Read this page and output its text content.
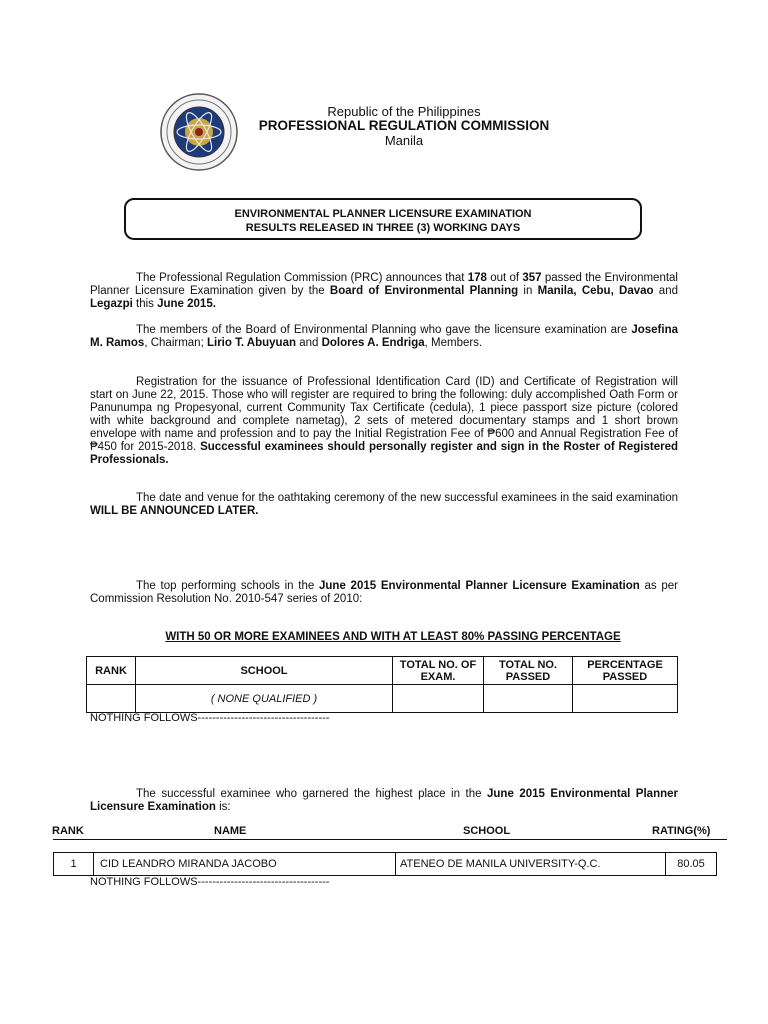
Republic of the Philippines
PROFESSIONAL REGULATION COMMISSION
Manila
ENVIRONMENTAL PLANNER LICENSURE EXAMINATION
RESULTS RELEASED IN THREE (3) WORKING DAYS
The Professional Regulation Commission (PRC) announces that 178 out of 357 passed the Environmental Planner Licensure Examination given by the Board of Environmental Planning in Manila, Cebu, Davao and Legazpi this June 2015.
The members of the Board of Environmental Planning who gave the licensure examination are Josefina M. Ramos, Chairman; Lirio T. Abuyuan and Dolores A. Endriga, Members.
Registration for the issuance of Professional Identification Card (ID) and Certificate of Registration will start on June 22, 2015. Those who will register are required to bring the following: duly accomplished Oath Form or Panunumpa ng Propesyonal, current Community Tax Certificate (cedula), 1 piece passport size picture (colored with white background and complete nametag), 2 sets of metered documentary stamps and 1 short brown envelope with name and profession and to pay the Initial Registration Fee of ₱600 and Annual Registration Fee of ₱450 for 2015-2018. Successful examinees should personally register and sign in the Roster of Registered Professionals.
The date and venue for the oathtaking ceremony of the new successful examinees in the said examination WILL BE ANNOUNCED LATER.
The top performing schools in the June 2015 Environmental Planner Licensure Examination as per Commission Resolution No. 2010-547 series of 2010:
WITH 50 OR MORE EXAMINEES AND WITH AT LEAST 80% PASSING PERCENTAGE
RANK	SCHOOL	TOTAL NO. OF EXAM.	TOTAL NO. PASSED	PERCENTAGE PASSED
	( NONE QUALIFIED )			
NOTHING FOLLOWS------------------------------------
The successful examinee who garnered the highest place in the June 2015 Environmental Planner Licensure Examination is:
RANK	NAME	SCHOOL	RATING(%)
1	CID LEANDRO MIRANDA JACOBO	ATENEO DE MANILA UNIVERSITY-Q.C.	80.05
NOTHING FOLLOWS------------------------------------
